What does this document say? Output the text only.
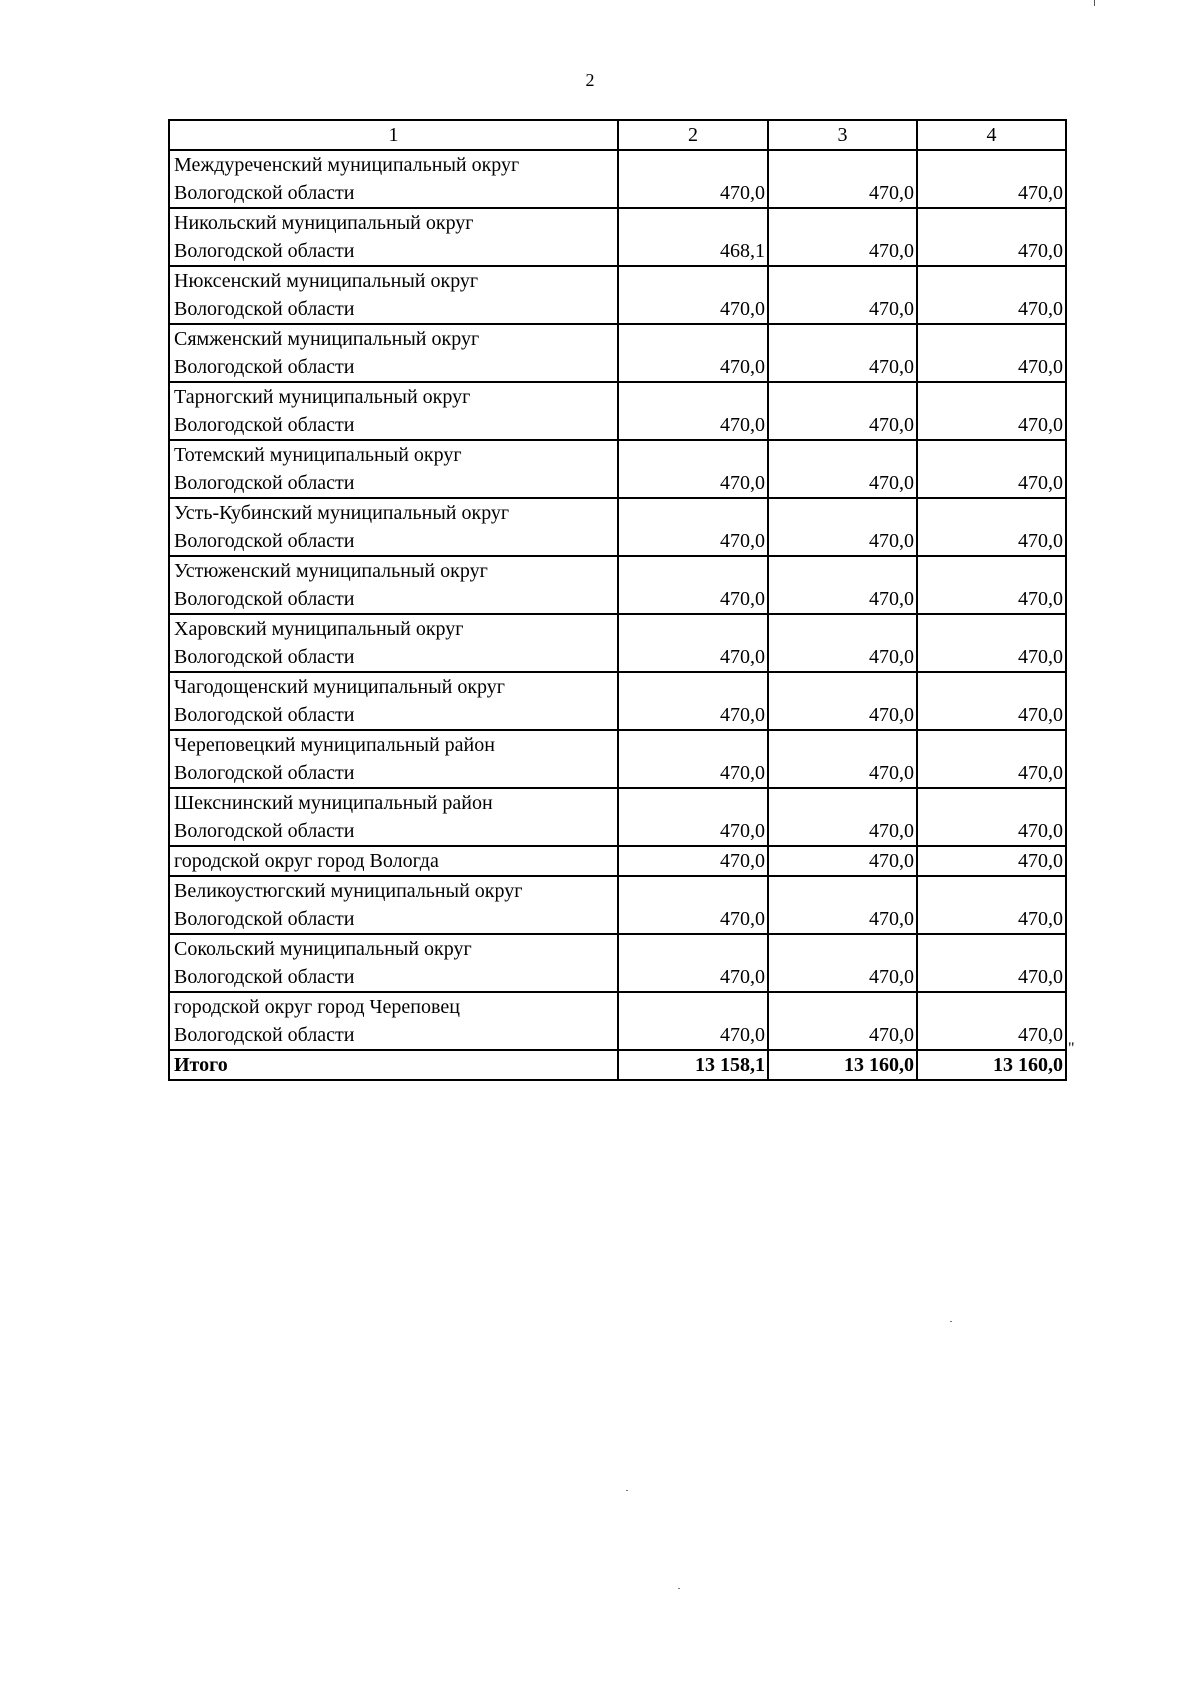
2
1	2	3	4

Междуреченский муниципальный округ
Вологодской области	470,0	470,0	470,0

Никольский муниципальный округ
Вологодской области	468,1	470,0	470,0

Нюксенский муниципальный округ
Вологодской области	470,0	470,0	470,0

Сямженский муниципальный округ
Вологодской области	470,0	470,0	470,0

Тарногский муниципальный округ
Вологодской области	470,0	470,0	470,0

Тотемский муниципальный округ
Вологодской области	470,0	470,0	470,0

Усть-Кубинский муниципальный округ
Вологодской области	470,0	470,0	470,0

Устюженский муниципальный округ
Вологодской области	470,0	470,0	470,0

Харовский муниципальный округ
Вологодской области	470,0	470,0	470,0

Чагодощенский муниципальный округ
Вологодской области	470,0	470,0	470,0

Череповецкий муниципальный район
Вологодской области	470,0	470,0	470,0

Шекснинский муниципальный район
Вологодской области	470,0	470,0	470,0

городской округ город Вологда	470,0	470,0	470,0

Великоустюгский муниципальный округ
Вологодской области	470,0	470,0	470,0

Сокольский муниципальный округ
Вологодской области	470,0	470,0	470,0

городской округ город Череповец
Вологодской области	470,0	470,0	470,0
Итого	13 158,1	13 160,0	13 160,0
"
